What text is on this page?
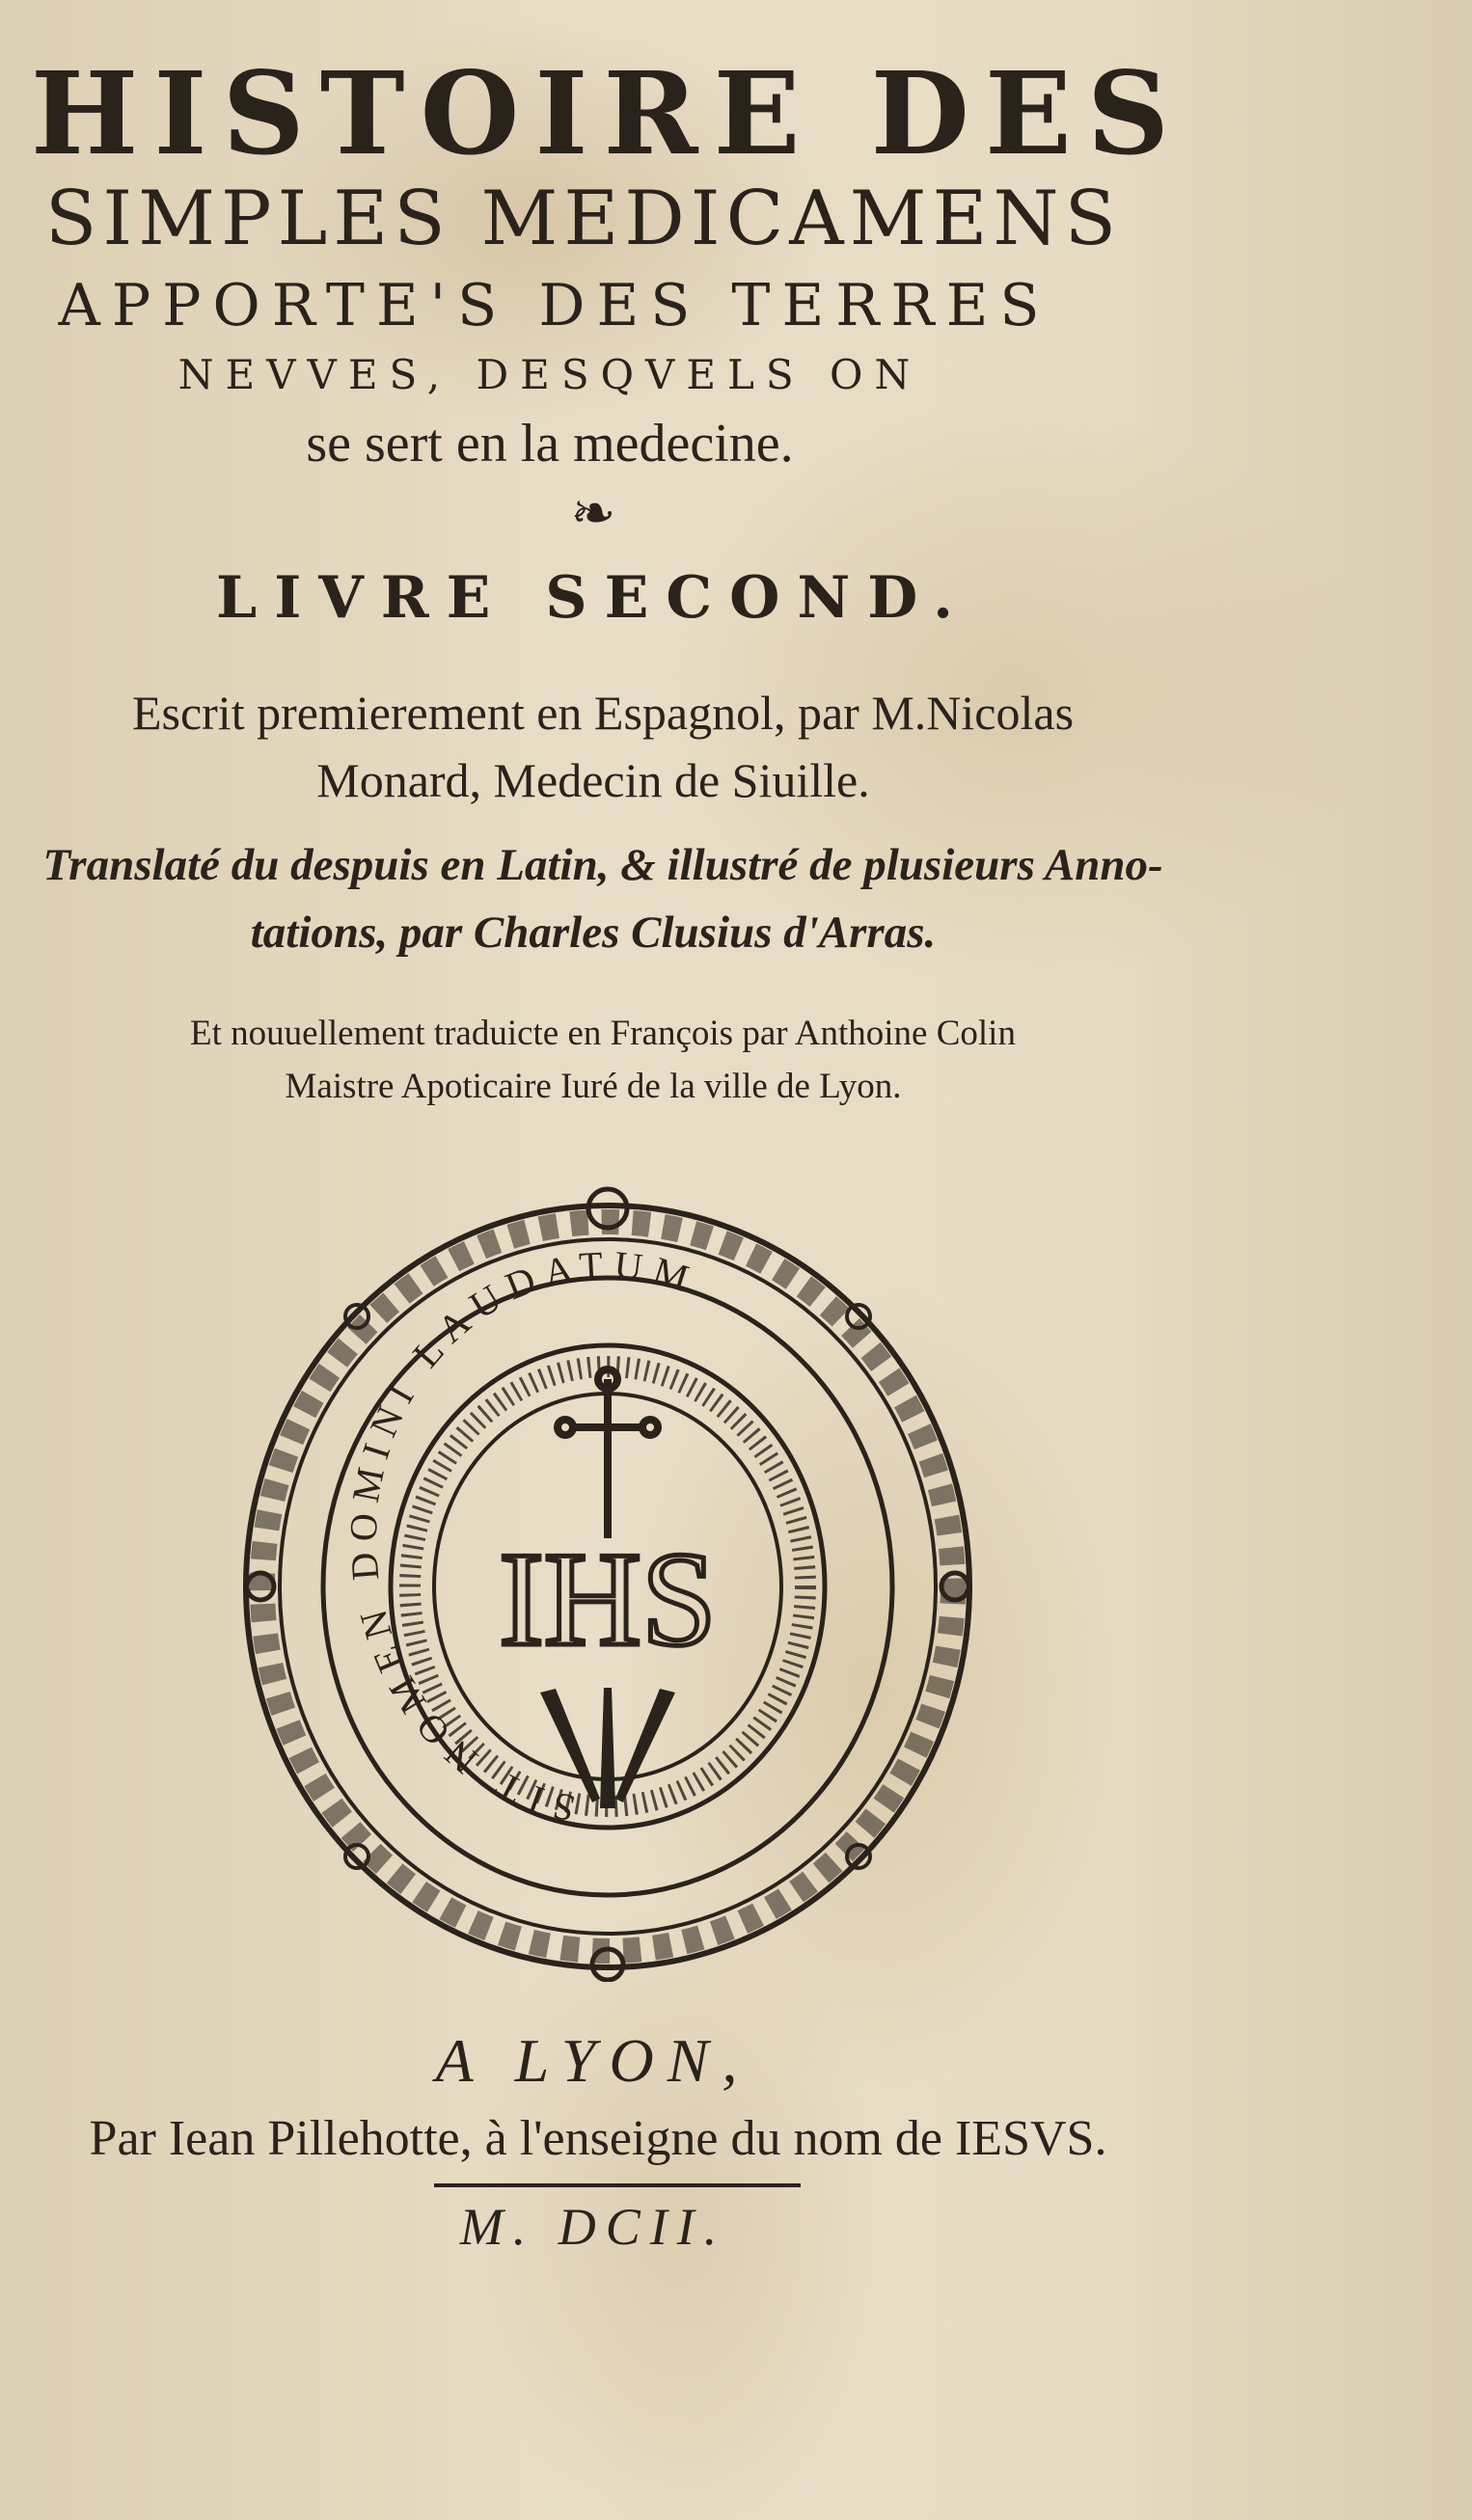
HISTOIRE DES

SIMPLES MEDICAMENS

APPORTE'S DES TERRES

NEVVES, DESQVELS ON

se sert en la medecine.

❧

LIVRE SECOND.

Escrit premierement en Espagnol, par M.Nicolas

Monard, Medecin de Siuille.

Translaté du despuis en Latin, & illustré de plusieurs Anno-

tations, par Charles Clusius d'Arras.

Et nouuellement traduicte en François par Anthoine Colin

Maistre Apoticaire Iuré de la ville de Lyon.

SIT NOMEN DOMINI LAUDATUM
IHS

A LYON,

Par Iean Pillehotte, à l'enseigne du nom de IESVS.

M. DCII.
